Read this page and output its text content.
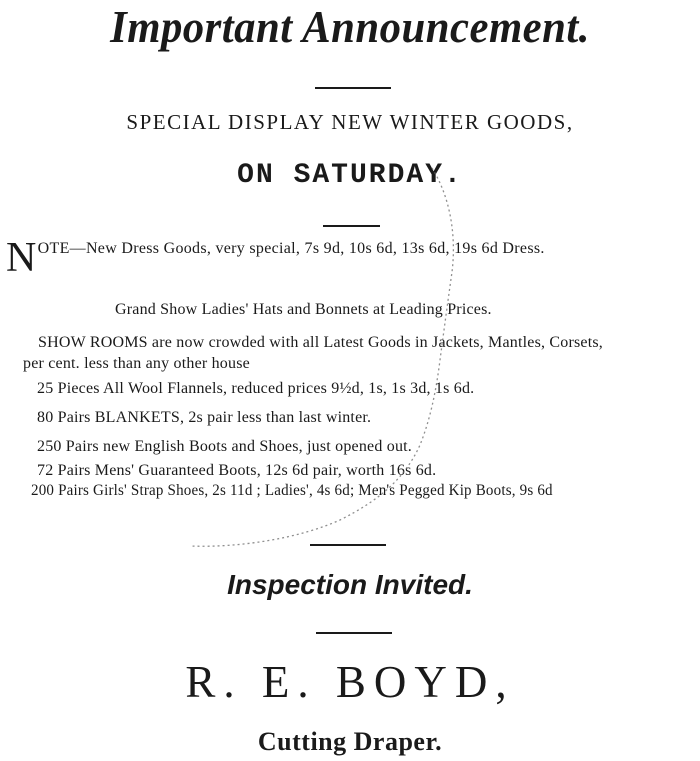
Important Announcement.
SPECIAL DISPLAY NEW WINTER GOODS,
ON SATURDAY.
NOTE—New Dress Goods, very special, 7s 9d, 10s 6d, 13s 6d, 19s 6d Dress.
Grand Show Ladies' Hats and Bonnets at Leading Prices.
SHOW ROOMS are now crowded with all Latest Goods in Jackets, Mantles, Corsets,
per cent. less than any other house
25 Pieces All Wool Flannels, reduced prices 9½d, 1s, 1s 3d, 1s 6d.
80 Pairs BLANKETS, 2s pair less than last winter.
250 Pairs new English Boots and Shoes, just opened out.
72 Pairs Mens' Guaranteed Boots, 12s 6d pair, worth 16s 6d.
200 Pairs Girls' Strap Shoes, 2s 11d ; Ladies', 4s 6d; Men's Pegged Kip Boots, 9s 6d
Inspection Invited.
R. E. BOYD,
Cutting Draper.
